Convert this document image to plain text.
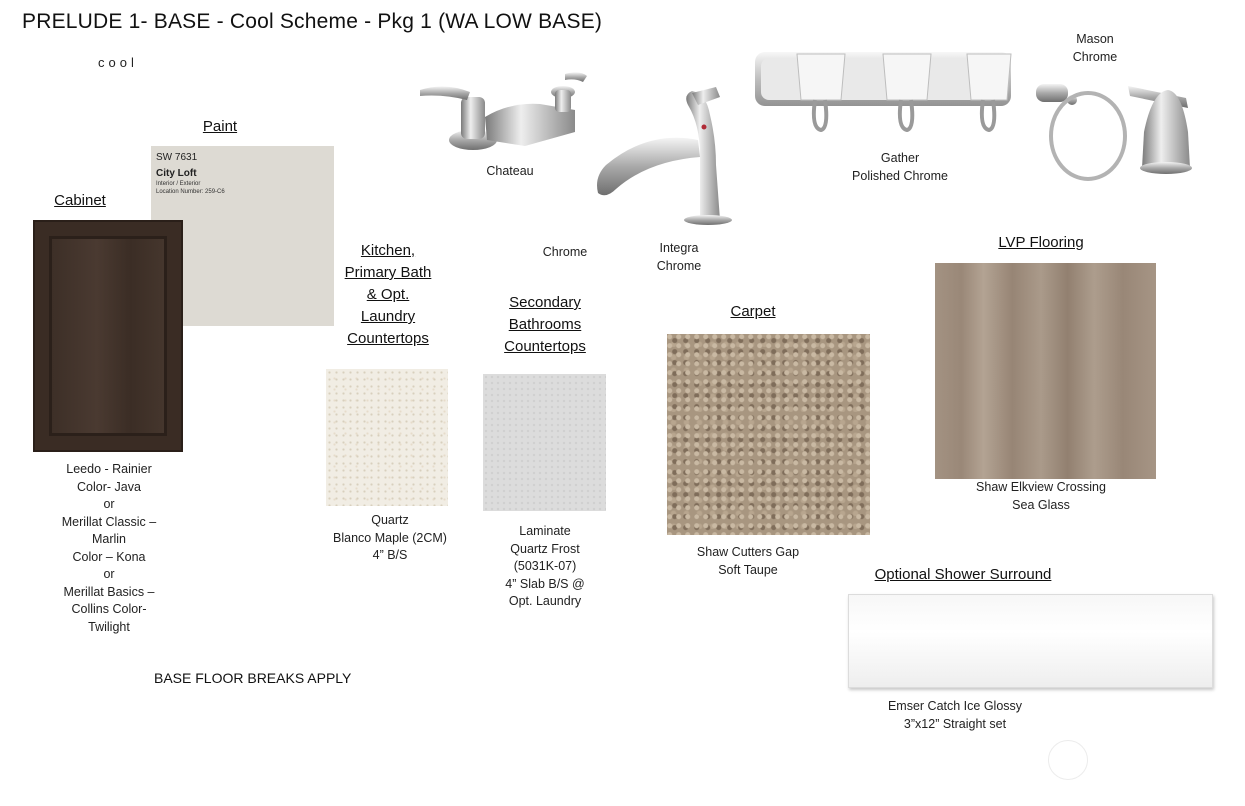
PRELUDE 1- BASE - Cool Scheme - Pkg 1 (WA LOW BASE)
cool
Paint
SW 7631
City Loft
Interior / Exterior
Location Number: 259-C6
Cabinet
Leedo - Rainier
Color- Java
or
Merillat Classic –
Marlin
Color – Kona
or
Merillat Basics –
Collins Color-
Twilight
Chateau
Chrome	Integra
Chrome
Gather
Polished Chrome
Mason
Chrome
Kitchen,
Primary Bath
& Opt.
Laundry
Countertops
Quartz
Blanco Maple (2CM)
4” B/S
Secondary
Bathrooms
Countertops
Laminate
Quartz Frost
(5031K-07)
4” Slab B/S @
Opt. Laundry
Carpet
Shaw Cutters Gap
Soft Taupe
LVP Flooring
Shaw Elkview Crossing
Sea Glass
Optional Shower Surround
Emser Catch Ice Glossy
3”x12” Straight set
BASE FLOOR BREAKS APPLY
